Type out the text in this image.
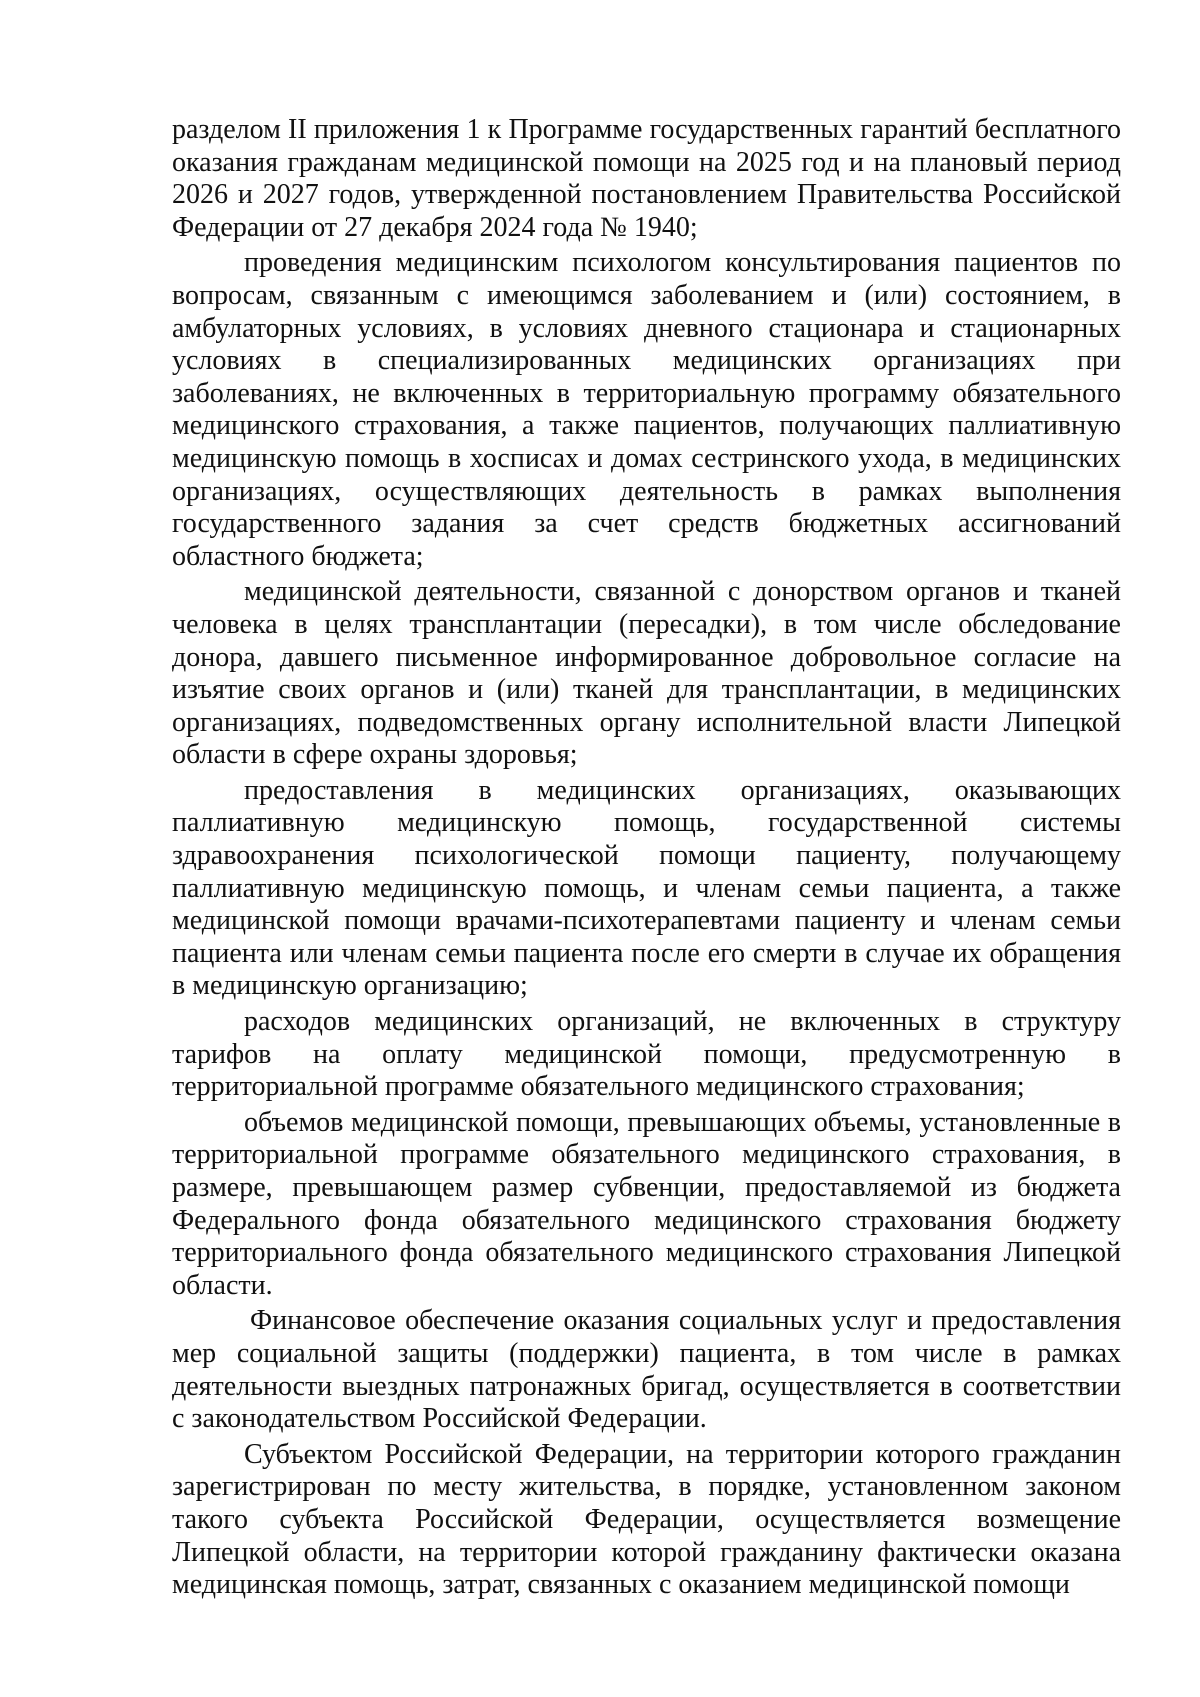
разделом II приложения 1 к Программе государственных гарантий бесплатного оказания гражданам медицинской помощи на 2025 год и на плановый период 2026 и 2027 годов, утвержденной постановлением Правительства Российской Федерации от 27 декабря 2024 года № 1940;

проведения медицинским психологом консультирования пациентов по вопросам, связанным с имеющимся заболеванием и (или) состоянием, в амбулаторных условиях, в условиях дневного стационара и стационарных условиях в специализированных медицинских организациях при заболеваниях, не включенных в территориальную программу обязательного медицинского страхования, а также пациентов, получающих паллиативную медицинскую помощь в хосписах и домах сестринского ухода, в медицинских организациях, осуществляющих деятельность в рамках выполнения государственного задания за счет средств бюджетных ассигнований областного бюджета;

медицинской деятельности, связанной с донорством органов и тканей человека в целях трансплантации (пересадки), в том числе обследование донора, давшего письменное информированное добровольное согласие на изъятие своих органов и (или) тканей для трансплантации, в медицинских организациях, подведомственных органу исполнительной власти Липецкой области в сфере охраны здоровья;

предоставления в медицинских организациях, оказывающих паллиативную медицинскую помощь, государственной системы здравоохранения психологической помощи пациенту, получающему паллиативную медицинскую помощь, и членам семьи пациента, а также медицинской помощи врачами-психотерапевтами пациенту и членам семьи пациента или членам семьи пациента после его смерти в случае их обращения в медицинскую организацию;

расходов медицинских организаций, не включенных в структуру тарифов на оплату медицинской помощи, предусмотренную в территориальной программе обязательного медицинского страхования;

объемов медицинской помощи, превышающих объемы, установленные в территориальной программе обязательного медицинского страхования, в размере, превышающем размер субвенции, предоставляемой из бюджета Федерального фонда обязательного медицинского страхования бюджету территориального фонда обязательного медицинского страхования Липецкой области.

Финансовое обеспечение оказания социальных услуг и предоставления мер социальной защиты (поддержки) пациента, в том числе в рамках деятельности выездных патронажных бригад, осуществляется в соответствии с законодательством Российской Федерации.

Субъектом Российской Федерации, на территории которого гражданин зарегистрирован по месту жительства, в порядке, установленном законом такого субъекта Российской Федерации, осуществляется возмещение Липецкой области, на территории которой гражданину фактически оказана медицинская помощь, затрат, связанных с оказанием медицинской помощи
